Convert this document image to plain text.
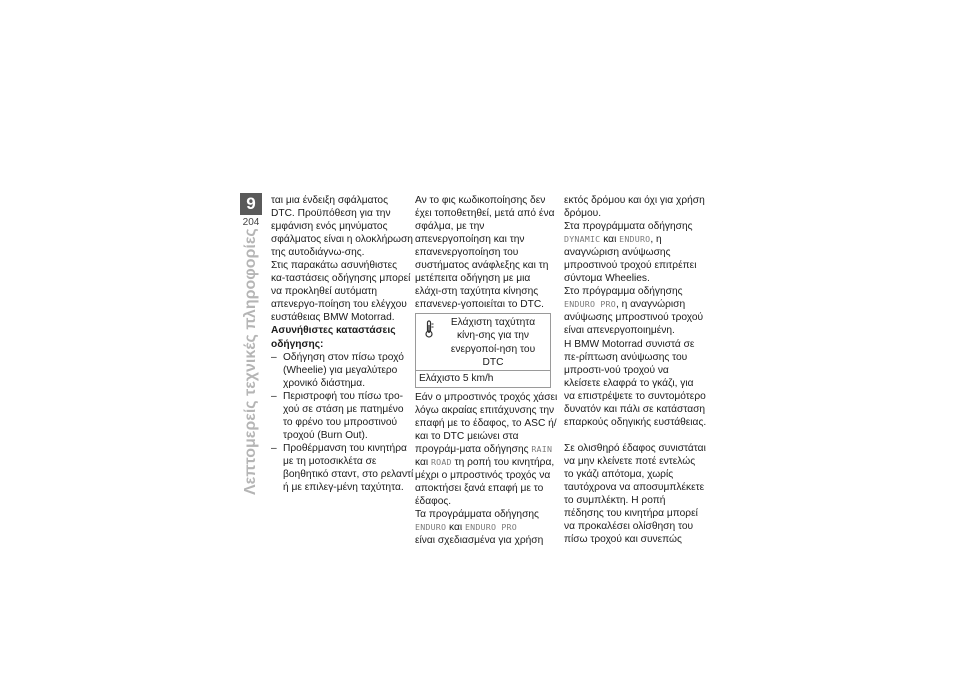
9
204
Λεπτομερείς τεχνικές πληροφορίες

ται μια ένδειξη σφάλματος DTC. Προϋπόθεση για την εμφάνιση ενός μηνύματος σφάλματος είναι η ολοκλήρωση της αυτοδιάγνω-σης.

Στις παρακάτω ασυνήθιστες κα-ταστάσεις οδήγησης μπορεί να προκληθεί αυτόματη απενεργο-ποίηση του ελέγχου ευστάθειας BMW Motorrad.

Ασυνήθιστες καταστάσεις οδήγησης:

– Οδήγηση στον πίσω τροχό (Wheelie) για μεγαλύτερο χρονικό διάστημα.
– Περιστροφή του πίσω τρο-χού σε στάση με πατημένο το φρένο του μπροστινού τροχού (Burn Out).
– Προθέρμανση του κινητήρα με τη μοτοσικλέτα σε βοηθητικό σταντ, στο ρελαντί ή με επιλεγ-μένη ταχύτητα.

Αν το φις κωδικοποίησης δεν έχει τοποθετηθεί, μετά από ένα σφάλμα, με την απενεργοποίηση και την επανενεργοποίηση του συστήματος ανάφλεξης και τη μετέπειτα οδήγηση με μια ελάχι-στη ταχύτητα κίνησης επανενερ-γοποιείται το DTC.

Ελάχιστη ταχύτητα κίνη-σης για την ενεργοποί-ηση του DTC
Ελάχιστο 5 km/h

Εάν ο μπροστινός τροχός χάσει λόγω ακραίας επιτάχυνσης την επαφή με το έδαφος, το ASC ή/και το DTC μειώνει στα προγράμ-ματα οδήγησης RAIN και ROAD τη ροπή του κινητήρα, μέχρι ο μπροστινός τροχός να αποκτήσει ξανά επαφή με το έδαφος.

Τα προγράμματα οδήγησης
ENDURO και ENDURO PRO
είναι σχεδιασμένα για χρήση

εκτός δρόμου και όχι για χρήση δρόμου.

Στα προγράμματα οδήγησης
DYNAMIC και ENDURO, η αναγνώριση ανύψωσης μπροστινού τροχού επιτρέπει σύντομα Wheelies.

Στο πρόγραμμα οδήγησης
ENDURO PRO, η αναγνώριση ανύψωσης μπροστινού τροχού είναι απενεργοποιημένη.

Η BMW Motorrad συνιστά σε πε-ρίπτωση ανύψωσης του μπροστι-νού τροχού να κλείσετε ελαφρά το γκάζι, για να επιστρέψετε το συντομότερο δυνατόν και πάλι σε κατάσταση επαρκούς οδηγικής ευστάθειας.

Σε ολισθηρό έδαφος συνιστάται να μην κλείνετε ποτέ εντελώς το γκάζι απότομα, χωρίς ταυτόχρονα να αποσυμπλέκετε το συμπλέκτη. Η ροπή πέδησης του κινητήρα μπορεί να προκαλέσει ολίσθηση του πίσω τροχού και συνεπώς
